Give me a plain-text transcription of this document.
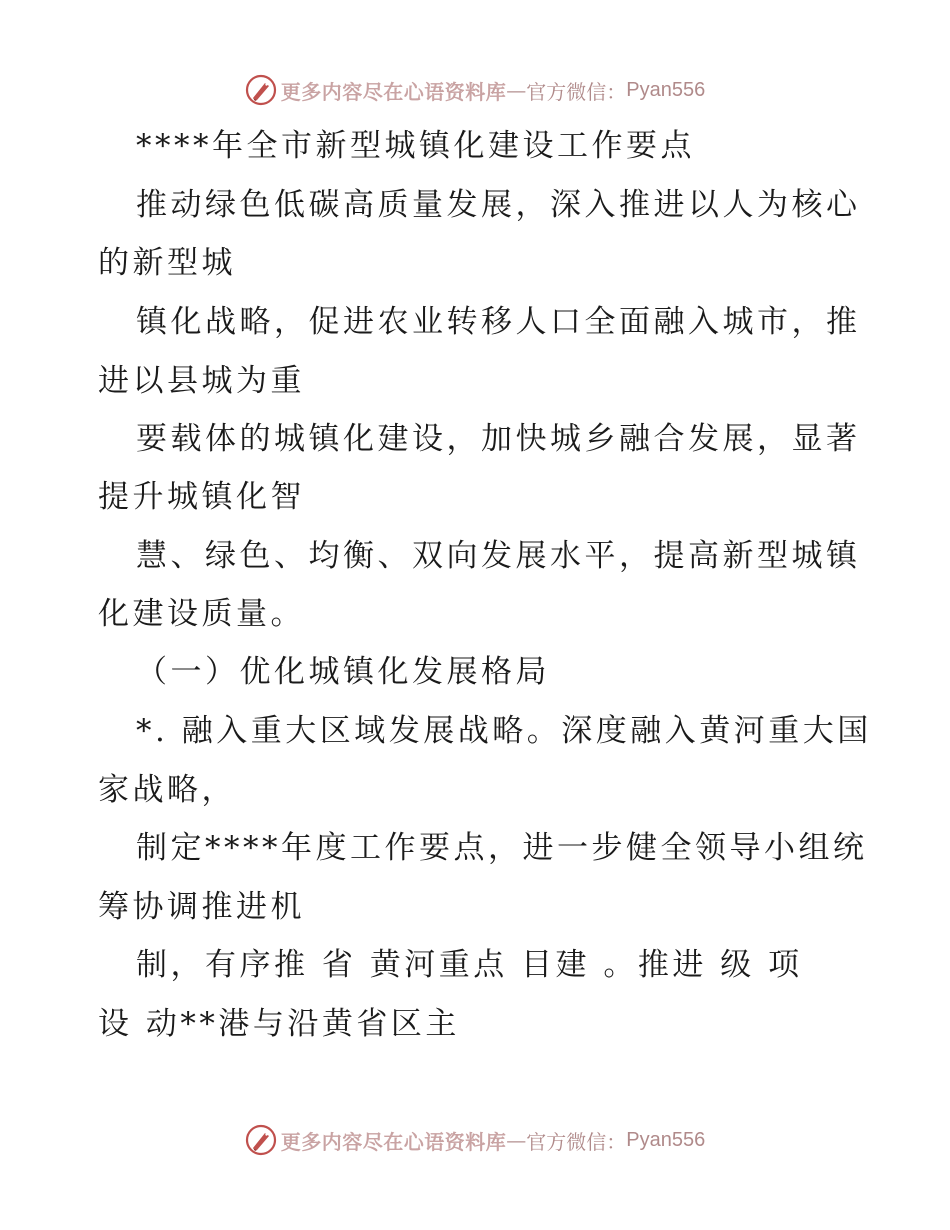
更多内容尽在心语资料库 — 官方微信： Pyan556
****年全市新型城镇化建设工作要点
推动绿色低碳高质量发展，深入推进以人为核心
的新型城
镇化战略，促进农业转移人口全面融入城市，推
进以县城为重
要载体的城镇化建设，加快城乡融合发展，显著
提升城镇化智
慧、绿色、均衡、双向发展水平，提高新型城镇
化建设质量。
（一）优化城镇化发展格局
*. 融入重大区域发展战略。深度融入黄河重大国
家战略，
制定****年度工作要点，进一步健全领导小组统
筹协调推进机
制，有序推 省 黄河重点 目建 。推进 级 项
设 动**港与沿黄省区主
更多内容尽在心语资料库 — 官方微信： Pyan556
